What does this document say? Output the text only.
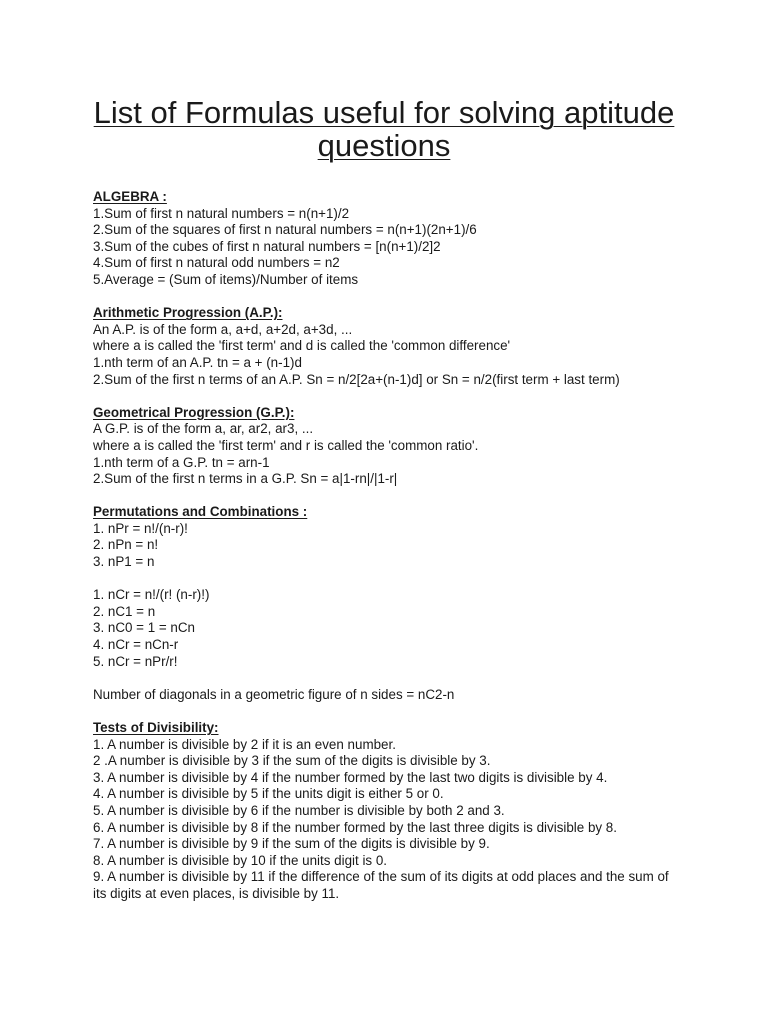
List of Formulas useful for solving aptitude questions
ALGEBRA :
1.Sum of first n natural numbers = n(n+1)/2
2.Sum of the squares of first n natural numbers = n(n+1)(2n+1)/6
3.Sum of the cubes of first n natural numbers = [n(n+1)/2]2
4.Sum of first n natural odd numbers = n2
5.Average = (Sum of items)/Number of items
Arithmetic Progression (A.P.):
An A.P. is of the form a, a+d, a+2d, a+3d, ...
where a is called the 'first term' and d is called the 'common difference'
1.nth term of an A.P. tn = a + (n-1)d
2.Sum of the first n terms of an A.P. Sn = n/2[2a+(n-1)d] or Sn = n/2(first term + last term)
Geometrical Progression (G.P.):
A G.P. is of the form a, ar, ar2, ar3, ...
where a is called the 'first term' and r is called the 'common ratio'.
1.nth term of a G.P. tn = arn-1
2.Sum of the first n terms in a G.P. Sn = a|1-rn|/|1-r|
Permutations and Combinations :
1. nPr = n!/(n-r)!
2. nPn = n!
3. nP1 = n
1. nCr = n!/(r! (n-r)!)
2. nC1 = n
3. nC0 = 1 = nCn
4. nCr = nCn-r
5. nCr = nPr/r!
Number of diagonals in a geometric figure of n sides = nC2-n
Tests of Divisibility:
1. A number is divisible by 2 if it is an even number.
2 .A number is divisible by 3 if the sum of the digits is divisible by 3.
3. A number is divisible by 4 if the number formed by the last two digits is divisible by 4.
4. A number is divisible by 5 if the units digit is either 5 or 0.
5. A number is divisible by 6 if the number is divisible by both 2 and 3.
6. A number is divisible by 8 if the number formed by the last three digits is divisible by 8.
7. A number is divisible by 9 if the sum of the digits is divisible by 9.
8. A number is divisible by 10 if the units digit is 0.
9. A number is divisible by 11 if the difference of the sum of its digits at odd places and the sum of its digits at even places, is divisible by 11.
